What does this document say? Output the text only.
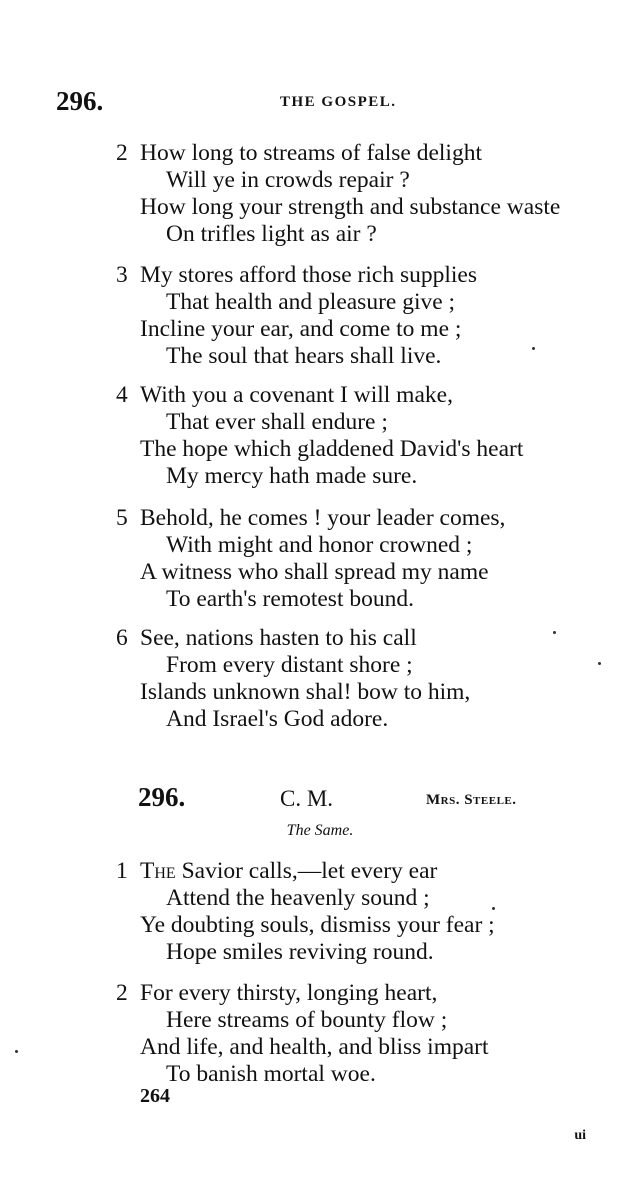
296.	THE GOSPEL.
2 How long to streams of false delight
Will ye in crowds repair ?
How long your strength and substance waste
On trifles light as air ?
3 My stores afford those rich supplies
That health and pleasure give ;
Incline your ear, and come to me ;
The soul that hears shall live.
4 With you a covenant I will make,
That ever shall endure ;
The hope which gladdened David's heart
My mercy hath made sure.
5 Behold, he comes ! your leader comes,
With might and honor crowned ;
A witness who shall spread my name
To earth's remotest bound.
6 See, nations hasten to his call
From every distant shore ;
Islands unknown shal! bow to him,
And Israel's God adore.
296.	C. M.	Mrs. Steele.
The Same.
1 The Savior calls,—let every ear
Attend the heavenly sound ;
Ye doubting souls, dismiss your fear ;
Hope smiles reviving round.
2 For every thirsty, longing heart,
Here streams of bounty flow ;
And life, and health, and bliss impart
To banish mortal woe.
264
ui
